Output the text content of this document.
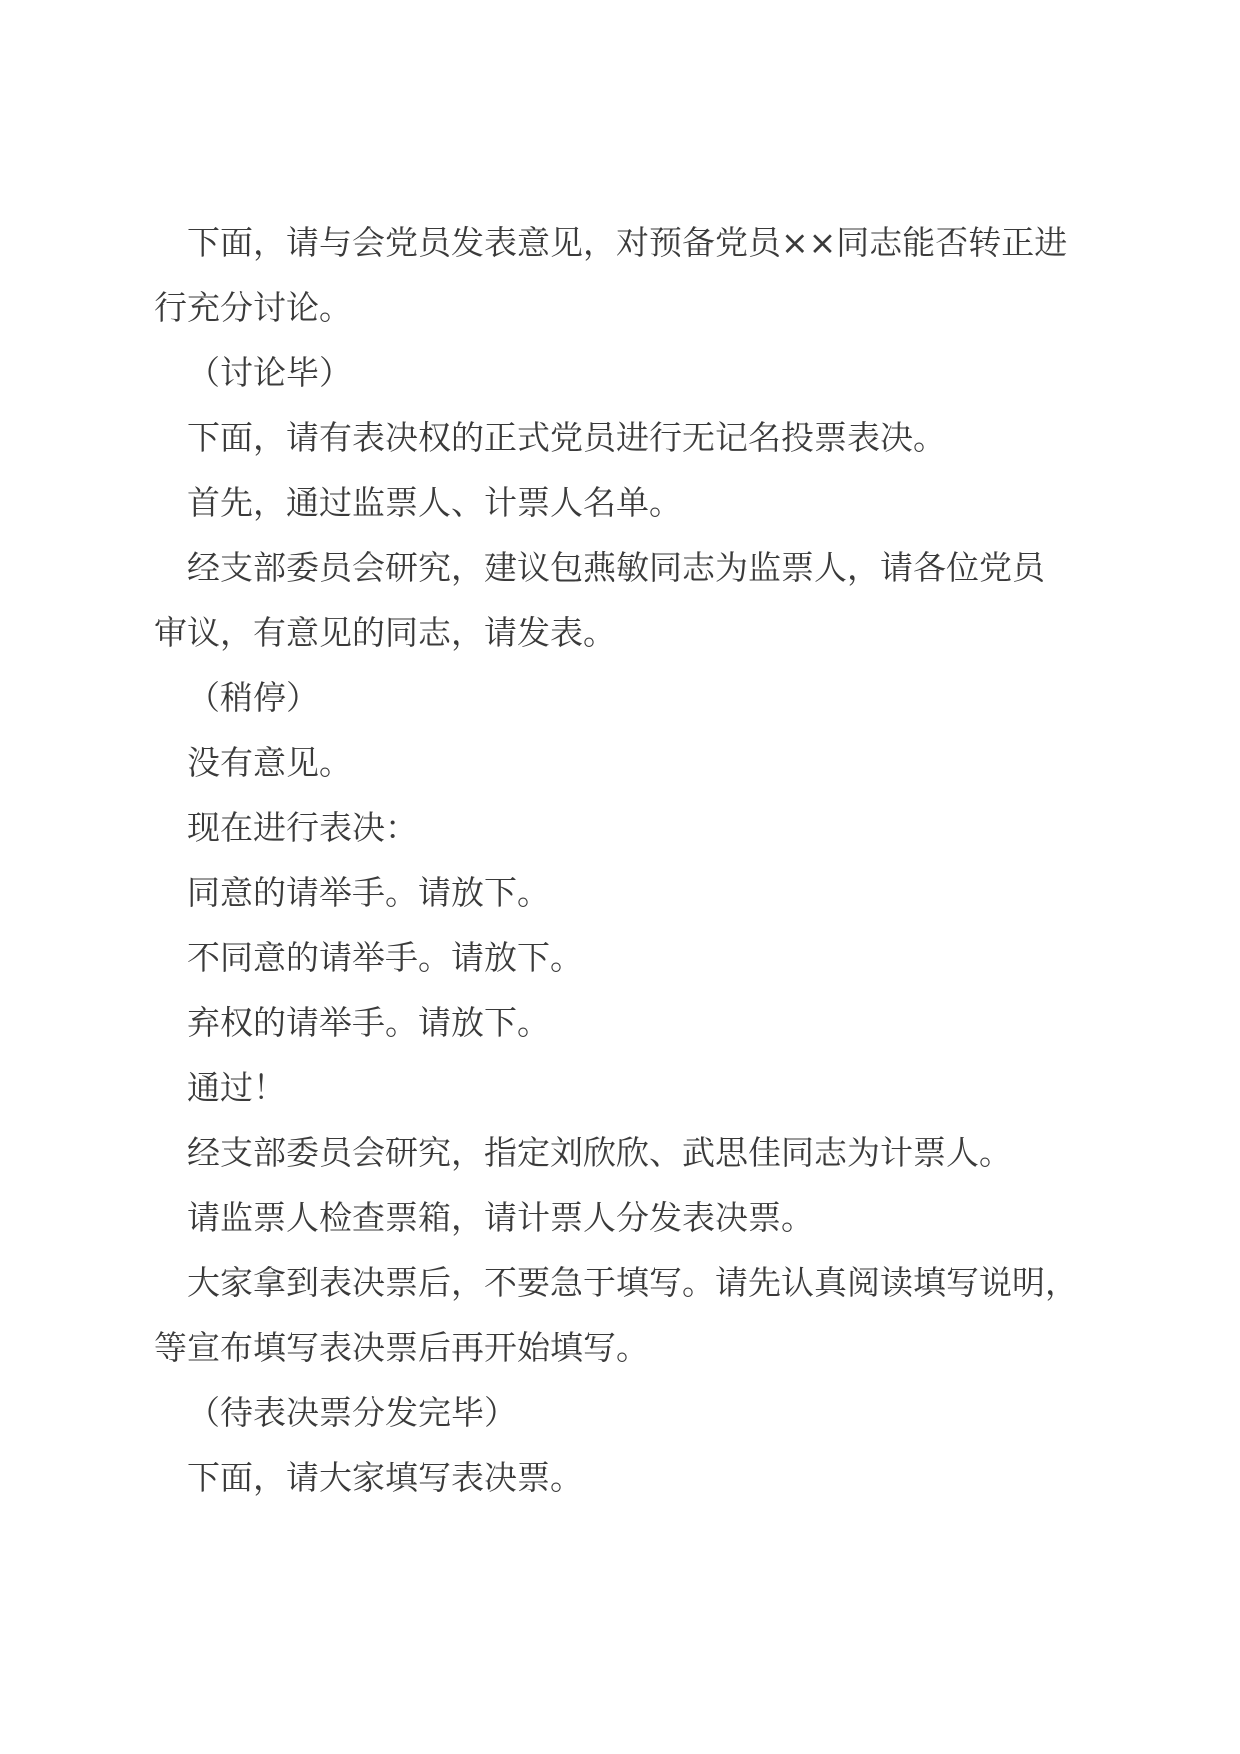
下面，请与会党员发表意见，对预备党员××同志能否转正进

行充分讨论。

（讨论毕）

下面，请有表决权的正式党员进行无记名投票表决。

首先，通过监票人、计票人名单。

经支部委员会研究，建议包燕敏同志为监票人，请各位党员

审议，有意见的同志，请发表。

（稍停）

没有意见。

现在进行表决：

同意的请举手。请放下。

不同意的请举手。请放下。

弃权的请举手。请放下。

通过！

经支部委员会研究，指定刘欣欣、武思佳同志为计票人。

请监票人检查票箱，请计票人分发表决票。

大家拿到表决票后，不要急于填写。请先认真阅读填写说明，

等宣布填写表决票后再开始填写。

（待表决票分发完毕）

下面，请大家填写表决票。
